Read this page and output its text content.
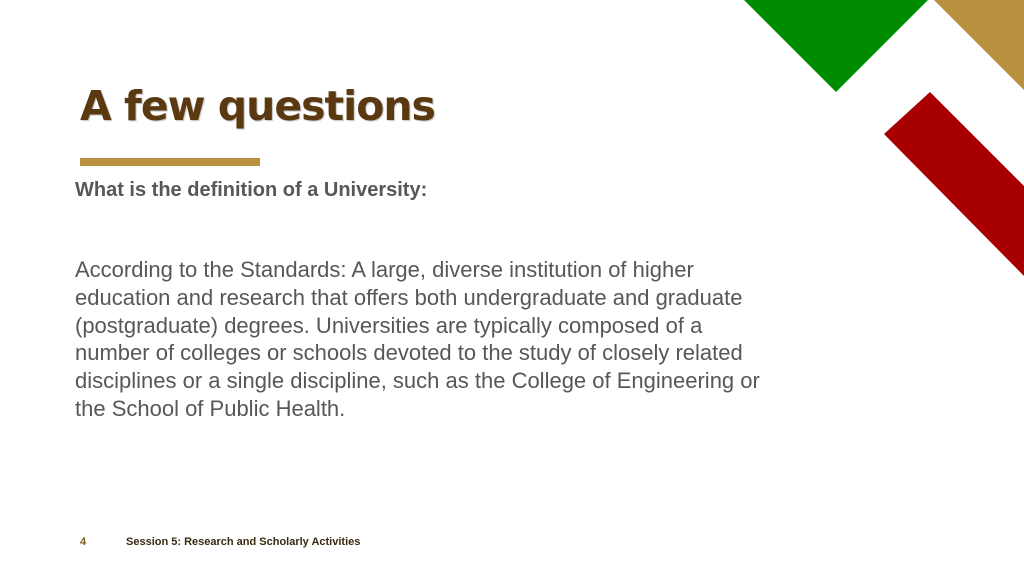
A few questions

What is the definition of a University:

According to the Standards: A large, diverse institution of higher
education and research that offers both undergraduate and graduate
(postgraduate) degrees. Universities are typically composed of a
number of colleges or schools devoted to the study of closely related
disciplines or a single discipline, such as the College of Engineering or
the School of Public Health.

4	Session 5: Research and Scholarly Activities
